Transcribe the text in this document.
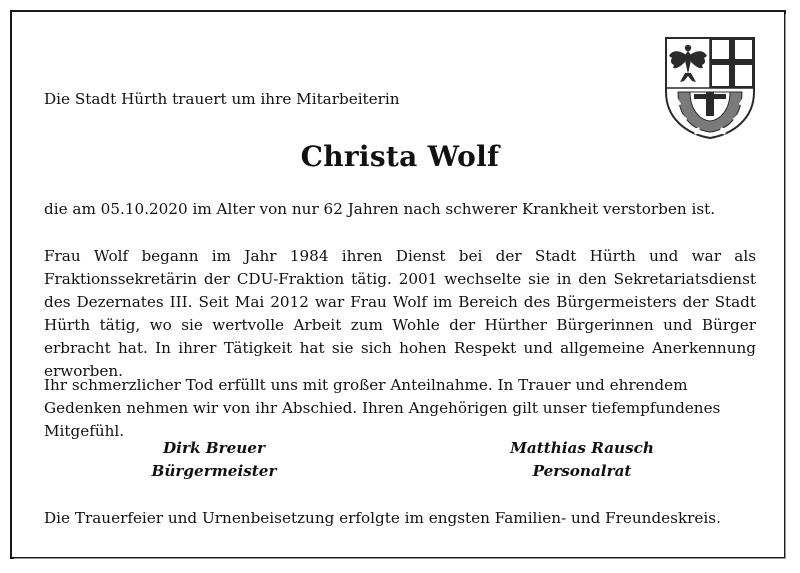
Die Stadt Hürth trauert um ihre Mitarbeiterin

Christa Wolf

die am 05.10.2020 im Alter von nur 62 Jahren nach schwerer Krankheit verstorben ist.

Frau Wolf begann im Jahr 1984 ihren Dienst bei der Stadt Hürth und war als Fraktionssekretärin der CDU-Fraktion tätig. 2001 wechselte sie in den Sekretariatsdienst des Dezernates III. Seit Mai 2012 war Frau Wolf im Bereich des Bürgermeisters der Stadt Hürth tätig, wo sie wertvolle Arbeit zum Wohle der Hürther Bürgerinnen und Bürger erbracht hat. In ihrer Tätigkeit hat sie sich hohen Respekt und allgemeine Anerkennung erworben.

Ihr schmerzlicher Tod erfüllt uns mit großer Anteilnahme. In Trauer und ehrendem Gedenken nehmen wir von ihr Abschied. Ihren Angehörigen gilt unser tiefempfundenes Mitgefühl.

Dirk Breuer
Bürgermeister
Matthias Rausch
Personalrat

Die Trauerfeier und Urnenbeisetzung erfolgte im engsten Familien- und Freundeskreis.
